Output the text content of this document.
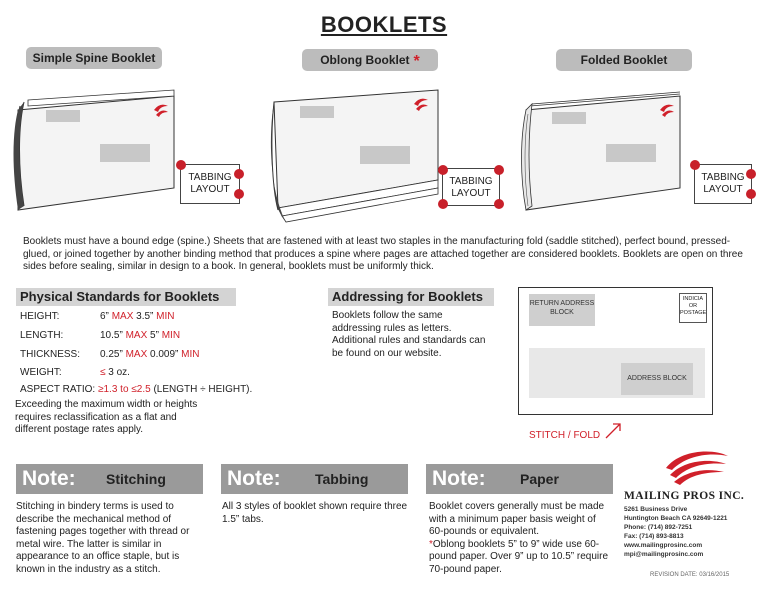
BOOKLETS
Simple Spine Booklet	Oblong Booklet *	Folded Booklet
TABBING
LAYOUT
TABBING
LAYOUT
TABBING
LAYOUT
Booklets must have a bound edge (spine.) Sheets that are fastened with at least two staples in the manufacturing fold (saddle stitched), perfect bound, pressed-glued, or joined together by another binding method that produces a spine where pages are attached together are considered booklets. Booklets are open on three sides before sealing, similar in design to a book. In general, booklets must be uniformly thick.
Physical Standards for Booklets
HEIGHT:	6” MAX 3.5” MIN
LENGTH:	10.5” MAX 5” MIN
THICKNESS: 0.25” MAX 0.009” MIN
WEIGHT:	≤ 3 oz.
ASPECT RATIO: ≥1.3 to ≤2.5 (LENGTH ÷ HEIGHT).
Exceeding the maximum width or heights requires reclassification as a flat and different postage rates apply.
Addressing for Booklets
Booklets follow the same addressing rules as letters. Additional rules and standards can be found on our website.
RETURN ADDRESS BLOCK
INDICIA OR POSTAGE
ADDRESS BLOCK
STITCH / FOLD
Note: Stitching	Note: Tabbing	Note: Paper
Stitching in bindery terms is used to describe the mechanical method of fastening pages together with thread or metal wire. The latter is similar in appearance to an office staple, but is known in the industry as a stitch.
All 3 styles of booklet shown require three 1.5” tabs.
Booklet covers generally must be made with a minimum paper basis weight of 60-pounds or equivalent.
*Oblong booklets 5” to 9” wide use 60-pound paper. Over 9” up to 10.5” require 70-pound paper.
MAILING PROS INC.
5261 Business Drive
Huntington Beach CA 92649-1221
Phone: (714) 892-7251
Fax: (714) 893-8813
www.mailingprosinc.com
mpi@mailingprosinc.com
REVISION DATE: 03/16/2015
